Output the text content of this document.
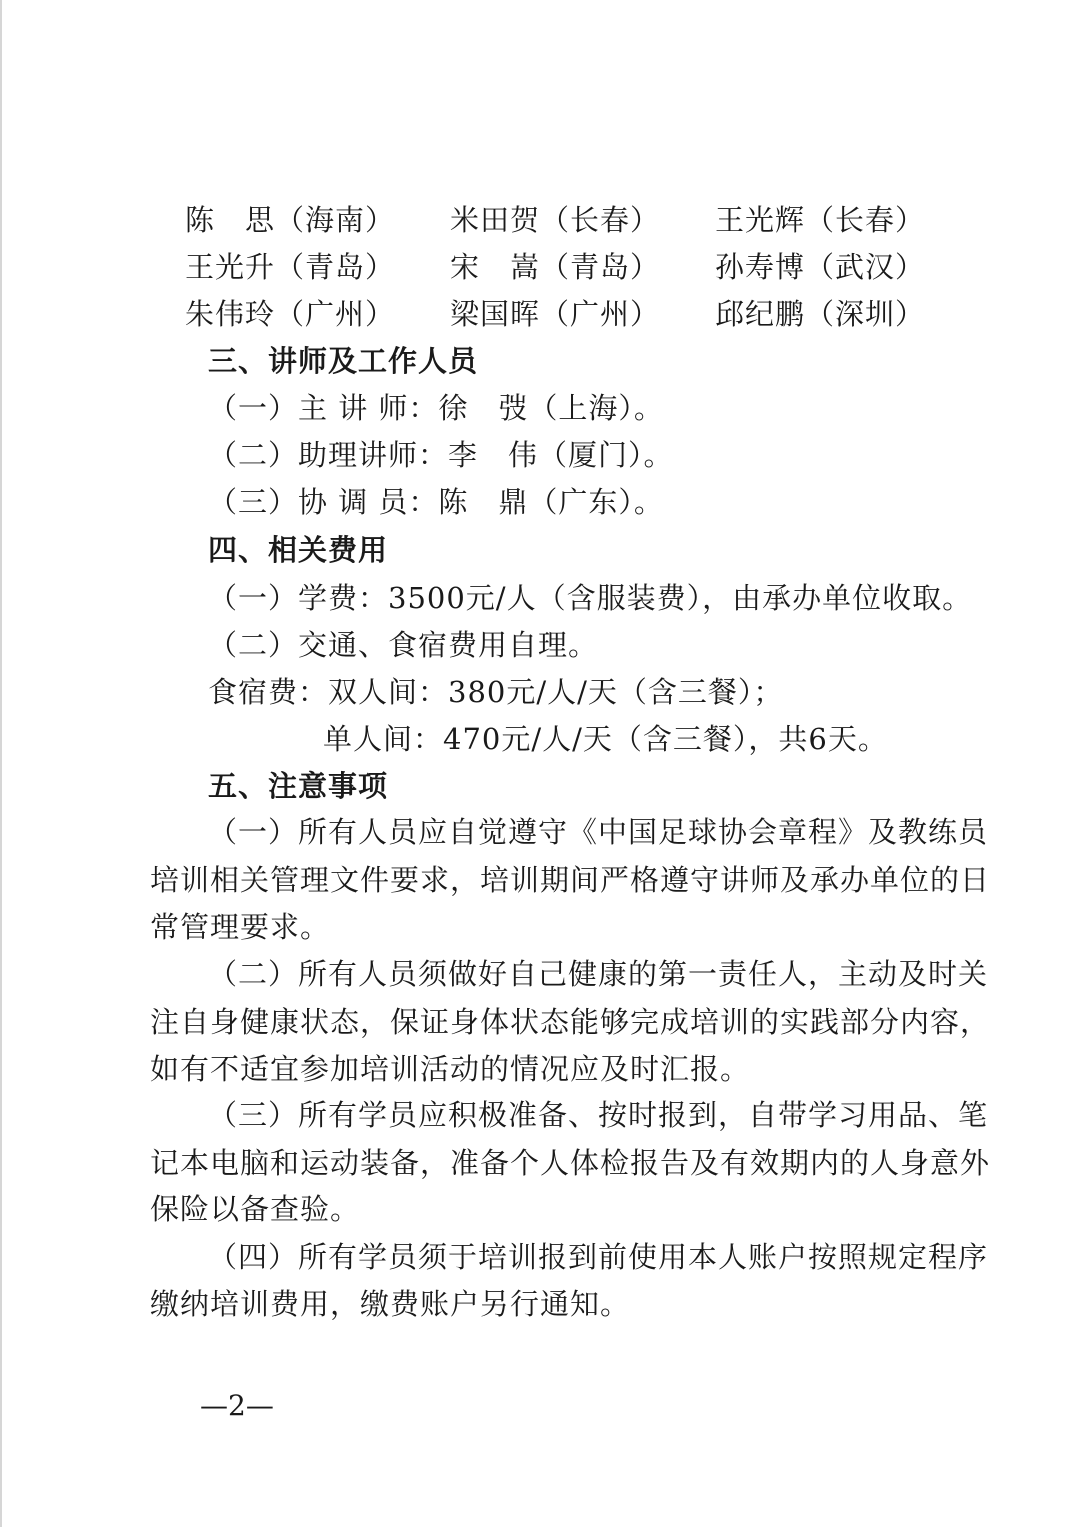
陈　思（海南） 米田贺（长春） 王光辉（长春）
王光升（青岛） 宋　嵩（青岛） 孙寿博（武汉）
朱伟玲（广州） 梁国晖（广州） 邱纪鹏（深圳）
三、讲师及工作人员
（一）主 讲 师：徐　弢（上海）。
（二）助理讲师：李　伟（厦门）。
（三）协 调 员：陈　鼎（广东）。
四、相关费用
（一）学费：3500元/人（含服装费），由承办单位收取。
（二）交通、食宿费用自理。
食宿费：双人间：380元/人/天（含三餐）；
单人间：470元/人/天（含三餐），共6天。
五、注意事项
（一）所有人员应自觉遵守《中国足球协会章程》及教练员
培训相关管理文件要求，培训期间严格遵守讲师及承办单位的日
常管理要求。
（二）所有人员须做好自己健康的第一责任人，主动及时关
注自身健康状态，保证身体状态能够完成培训的实践部分内容，
如有不适宜参加培训活动的情况应及时汇报。
（三）所有学员应积极准备、按时报到，自带学习用品、笔
记本电脑和运动装备，准备个人体检报告及有效期内的人身意外
保险以备查验。
（四）所有学员须于培训报到前使用本人账户按照规定程序
缴纳培训费用，缴费账户另行通知。
—2—
